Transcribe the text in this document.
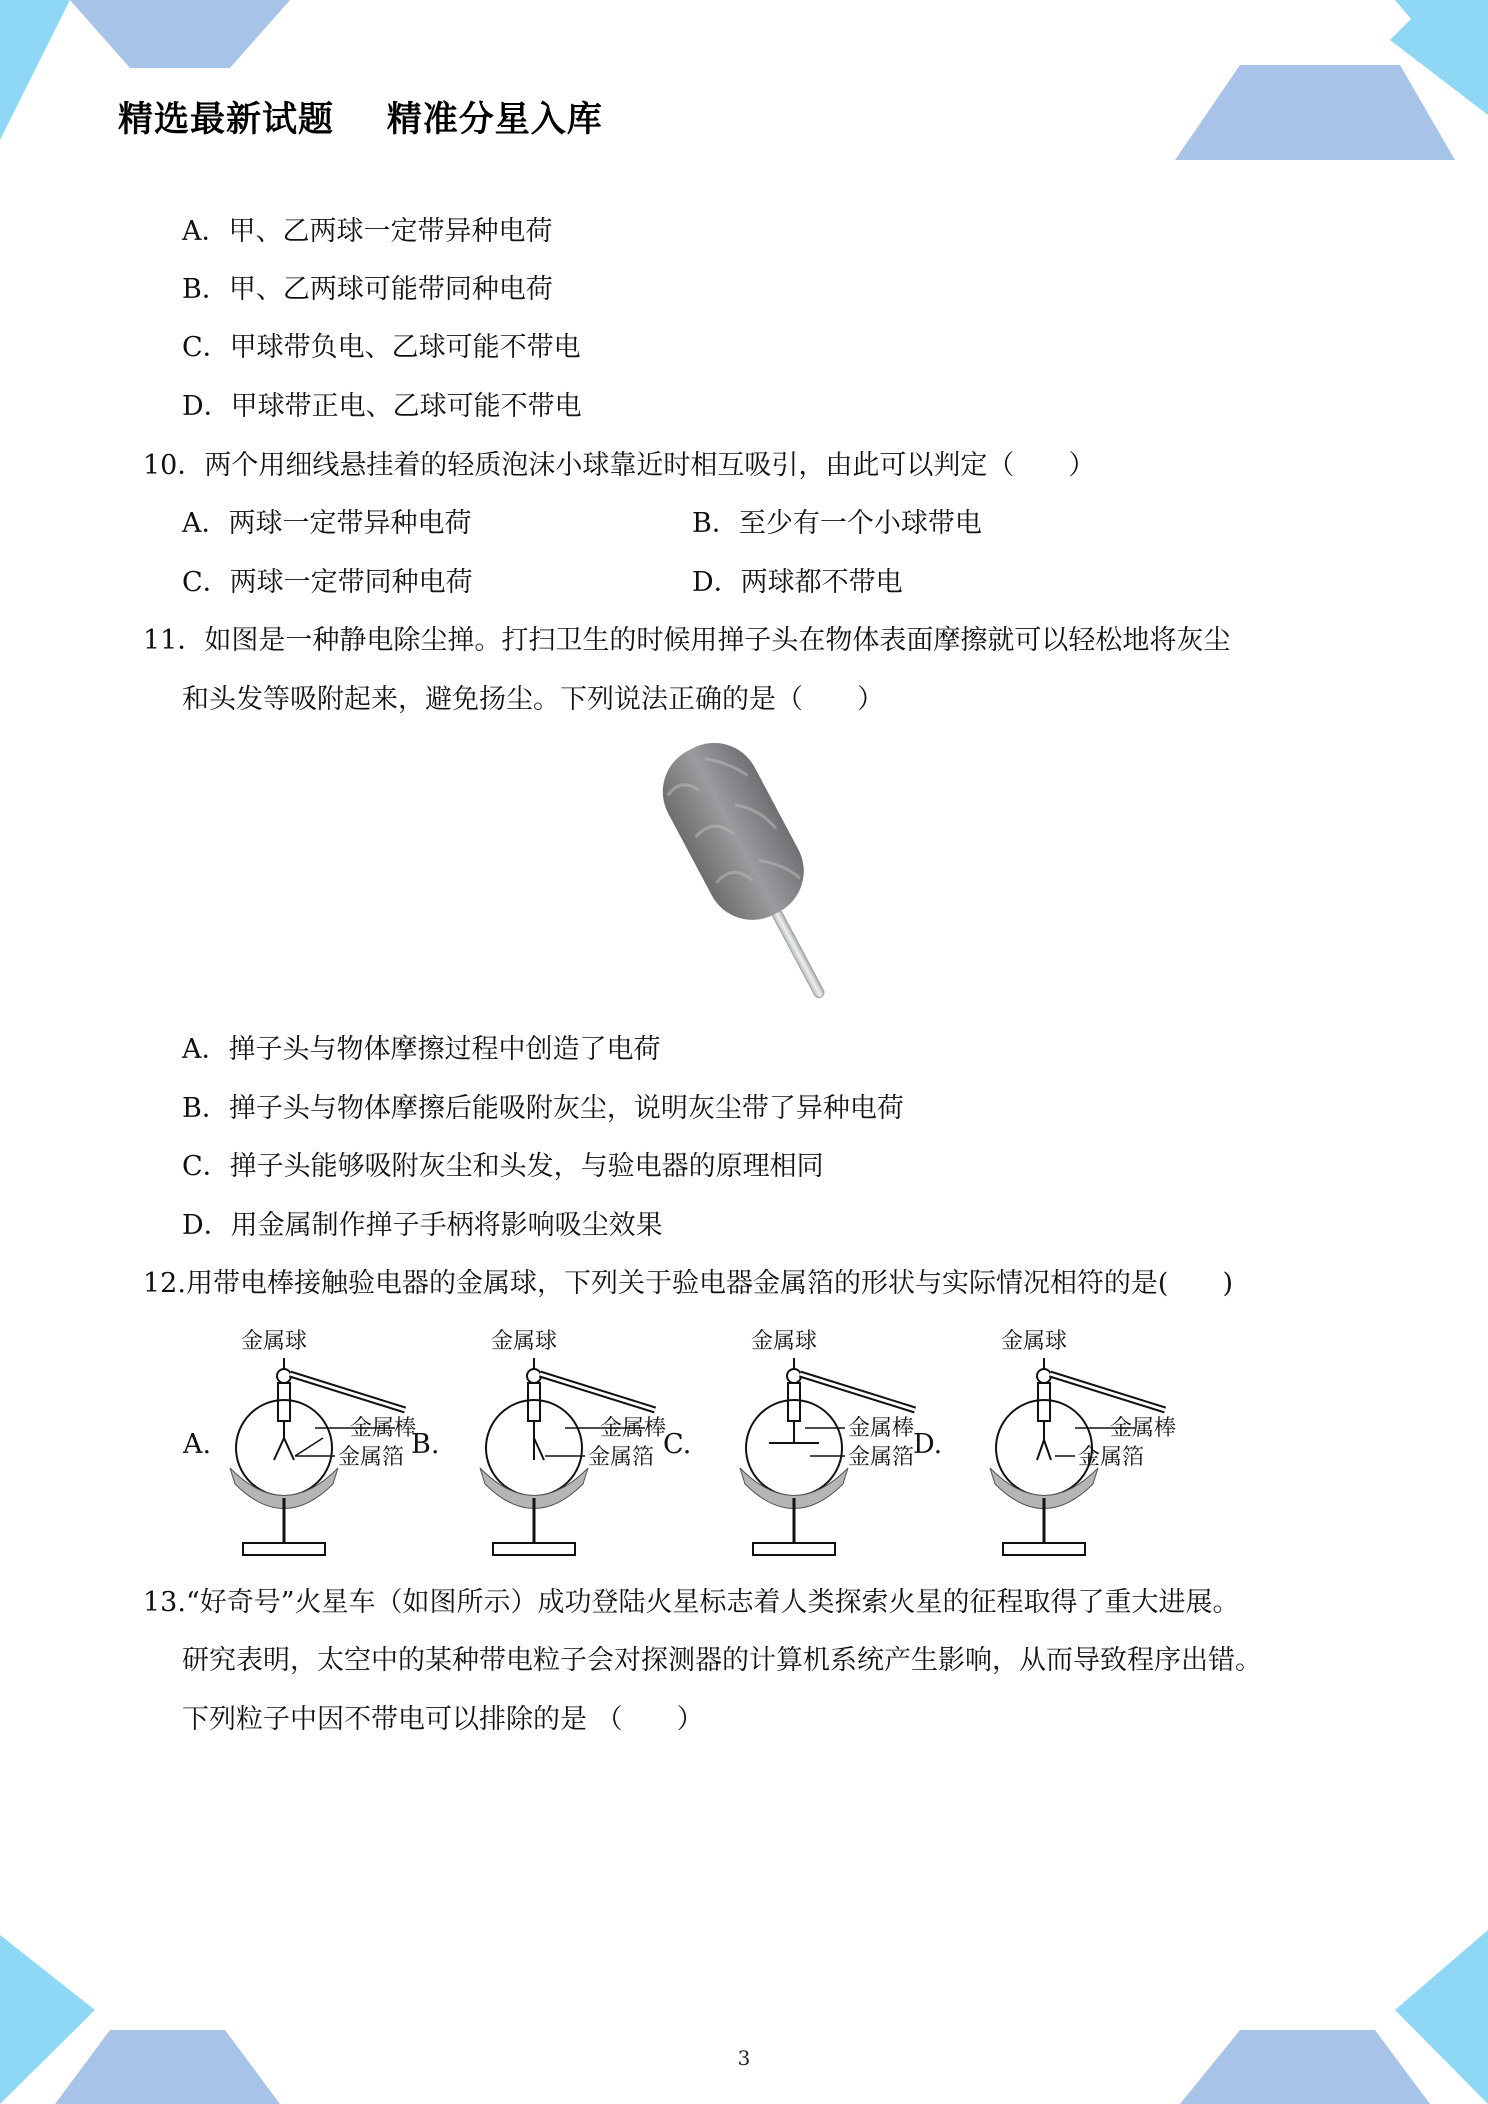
精选最新试题    精准分星入库
A．甲、乙两球一定带异种电荷
B．甲、乙两球可能带同种电荷
C．甲球带负电、乙球可能不带电
D．甲球带正电、乙球可能不带电
10．两个用细线悬挂着的轻质泡沫小球靠近时相互吸引，由此可以判定（　　）
A．两球一定带异种电荷	B．至少有一个小球带电
C．两球一定带同种电荷	D．两球都不带电
11．如图是一种静电除尘掸。打扫卫生的时候用掸子头在物体表面摩擦就可以轻松地将灰尘
和头发等吸附起来，避免扬尘。下列说法正确的是（　　）
A．掸子头与物体摩擦过程中创造了电荷
B．掸子头与物体摩擦后能吸附灰尘，说明灰尘带了异种电荷
C．掸子头能够吸附灰尘和头发，与验电器的原理相同
D．用金属制作掸子手柄将影响吸尘效果
12.用带电棒接触验电器的金属球，下列关于验电器金属箔的形状与实际情况相符的是(　　)
A.
金属球
金属棒
金属箔 B.
金属球
金属棒
金属箔 C.
金属球
金属棒
金属箔
D.
金属球
金属棒
金属箔
13.“好奇号”火星车（如图所示）成功登陆火星标志着人类探索火星的征程取得了重大进展。
研究表明，太空中的某种带电粒子会对探测器的计算机系统产生影响，从而导致程序出错。
下列粒子中因不带电可以排除的是 （　　）
3
